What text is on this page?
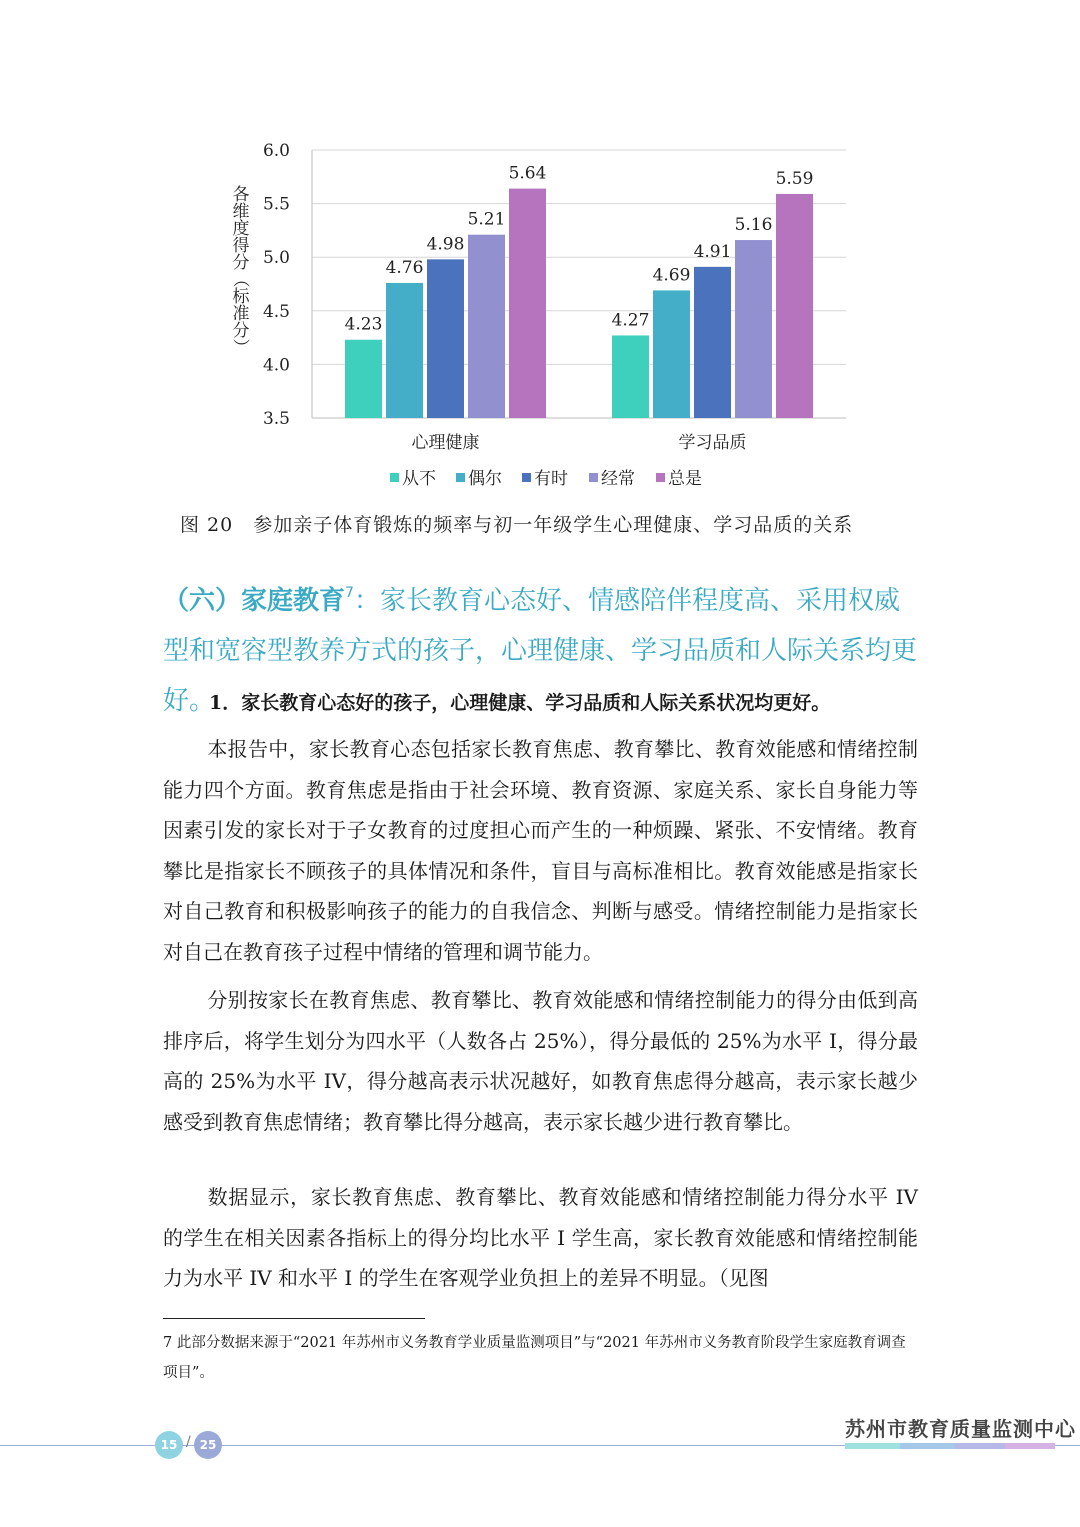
3.5
4.0
4.5
5.0
5.5
6.0
4.23
4.76
4.98
5.21
5.64
4.27
4.69
4.91
5.16
5.59
心理健康	学习品质
各
维
度
得
分
（
标
准
分
）
从不 偶尔 有时 经常 总是
图 20 参加亲子体育锻炼的频率与初一年级学生心理健康、学习品质的关系
（六）家庭教育$^7$：家长教育心态好、情感陪伴程度高、采用权威型和宽容型教养方式的孩子，心理健康、学习品质和人际关系均更好。
1．家长教育心态好的孩子，心理健康、学习品质和人际关系状况均更好。

本报告中，家长教育心态包括家长教育焦虑、教育攀比、教育效能感和情绪控制能力四个方面。教育焦虑是指由于社会环境、教育资源、家庭关系、家长自身能力等因素引发的家长对于子女教育的过度担心而产生的一种烦躁、紧张、不安情绪。教育攀比是指家长不顾孩子的具体情况和条件，盲目与高标准相比。教育效能感是指家长对自己教育和积极影响孩子的能力的自我信念、判断与感受。情绪控制能力是指家长对自己在教育孩子过程中情绪的管理和调节能力。

分别按家长在教育焦虑、教育攀比、教育效能感和情绪控制能力的得分由低到高排序后，将学生划分为四水平（人数各占 25%），得分最低的 25%为水平 I，得分最高的 25%为水平 IV，得分越高表示状况越好，如教育焦虑得分越高，表示家长越少感受到教育焦虑情绪；教育攀比得分越高，表示家长越少进行教育攀比。

数据显示，家长教育焦虑、教育攀比、教育效能感和情绪控制能力得分水平 IV 的学生在相关因素各指标上的得分均比水平 I 学生高，家长教育效能感和情绪控制能力为水平 IV 和水平 I 的学生在客观学业负担上的差异不明显。（见图

7 此部分数据来源于“2021 年苏州市义务教育学业质量监测项目”与“2021 年苏州市义务教育阶段学生家庭教育调查项目”。

15 / 25
苏州市教育质量监测中心
